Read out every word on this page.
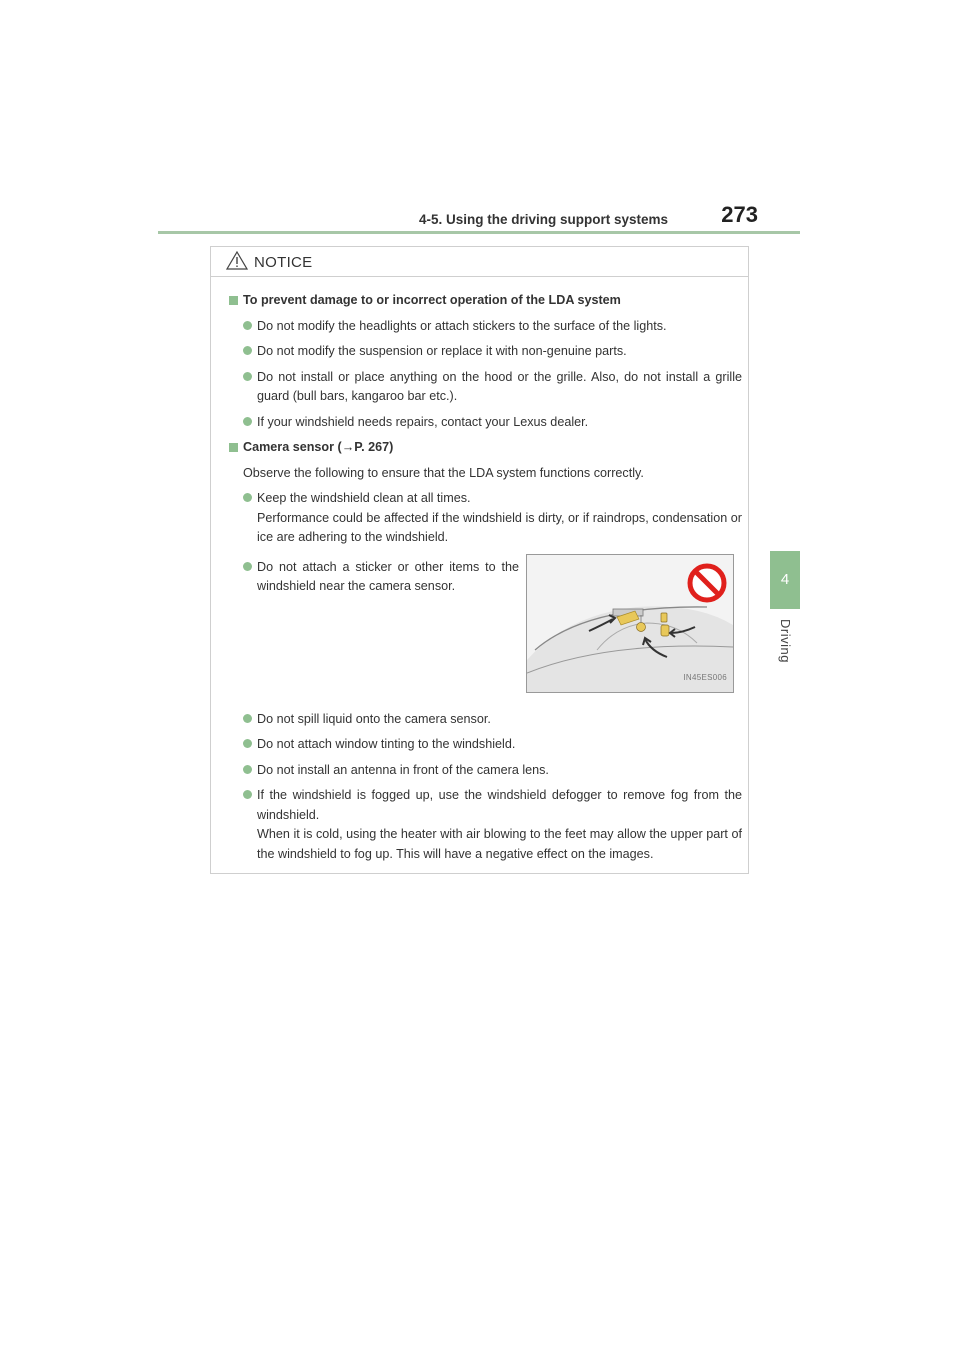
4-5. Using the driving support systems 273
4
Driving
NOTICE
To prevent damage to or incorrect operation of the LDA system
Do not modify the headlights or attach stickers to the surface of the lights.
Do not modify the suspension or replace it with non-genuine parts.
Do not install or place anything on the hood or the grille. Also, do not install a grille guard (bull bars, kangaroo bar etc.).
If your windshield needs repairs, contact your Lexus dealer.
Camera sensor (→P. 267)
Observe the following to ensure that the LDA system functions correctly.
Keep the windshield clean at all times.
Performance could be affected if the windshield is dirty, or if raindrops, condensation or ice are adhering to the windshield.
Do not attach a sticker or other items to the windshield near the camera sensor.
IN45ES006
Do not spill liquid onto the camera sensor.
Do not attach window tinting to the windshield.
Do not install an antenna in front of the camera lens.
If the windshield is fogged up, use the windshield defogger to remove fog from the windshield.
When it is cold, using the heater with air blowing to the feet may allow the upper part of the windshield to fog up. This will have a negative effect on the images.
